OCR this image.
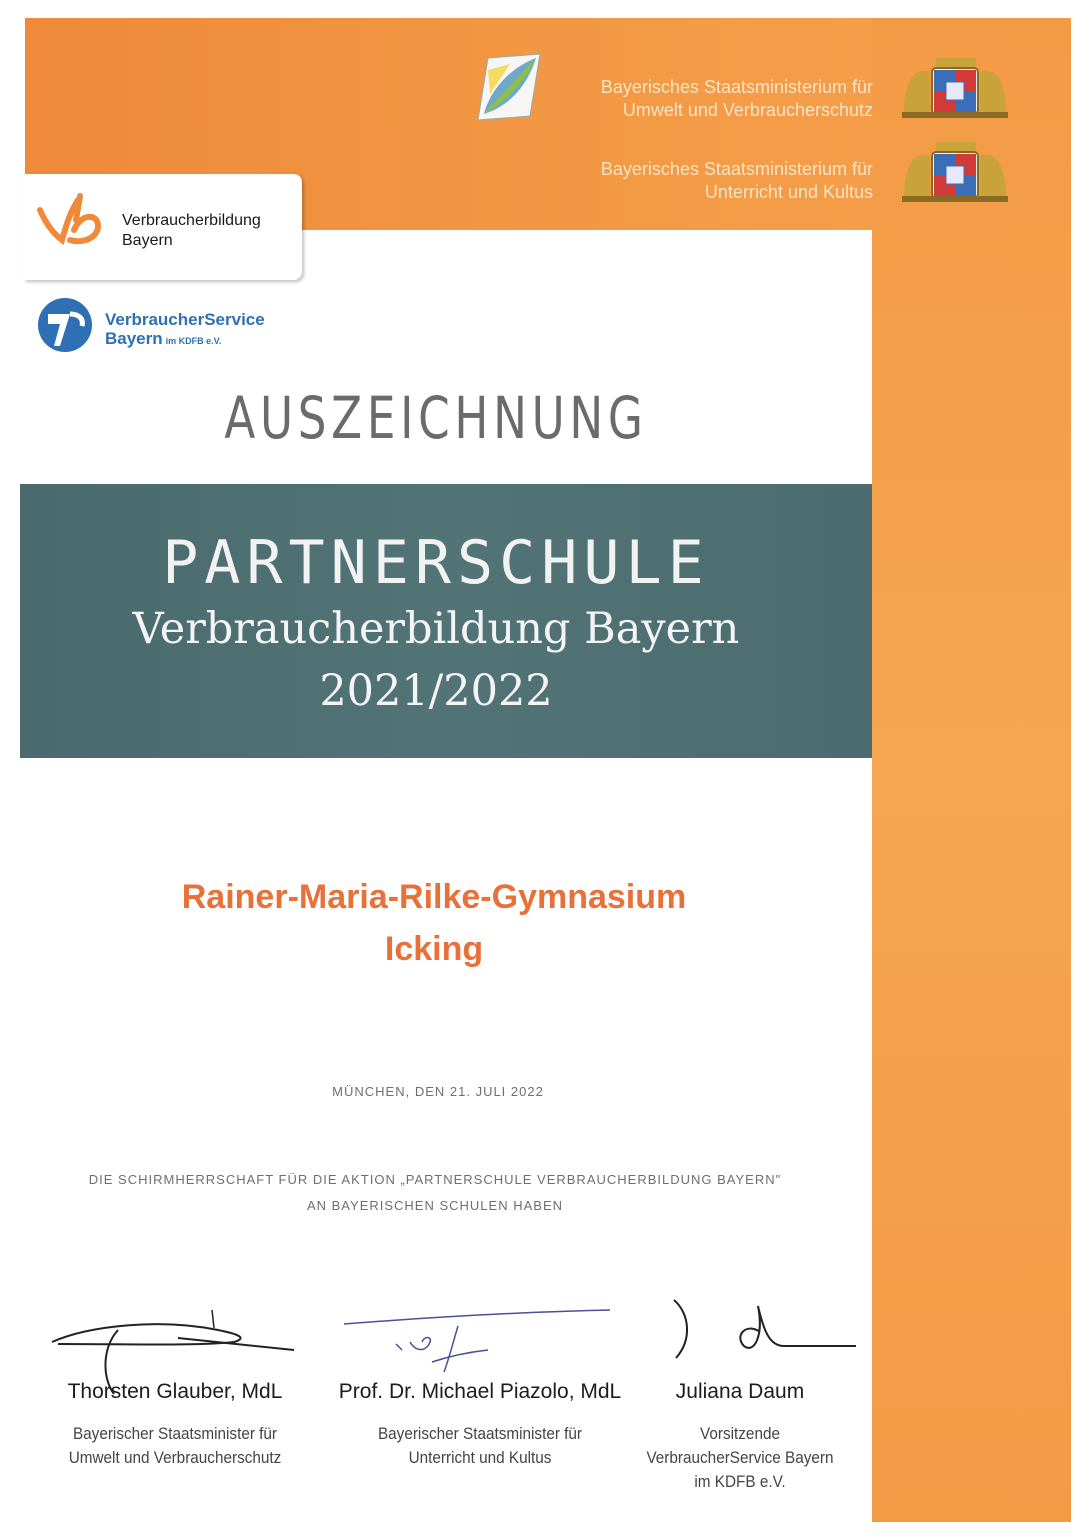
Bayerisches Staatsministerium für
Umwelt und Verbraucherschutz
Bayerisches Staatsministerium für
Unterricht und Kultus
Verbraucherbildung
Bayern
VerbraucherService
Bayern im KDFB e.V.
AUSZEICHNUNG
PARTNERSCHULE
Verbraucherbildung Bayern
2021/2022
Rainer-Maria-Rilke-Gymnasium
Icking
MÜNCHEN, DEN 21. JULI 2022
DIE SCHIRMHERRSCHAFT FÜR DIE AKTION „PARTNERSCHULE VERBRAUCHERBILDUNG BAYERN"
AN BAYERISCHEN SCHULEN HABEN
Thorsten Glauber, MdL
Bayerischer Staatsminister für
Umwelt und Verbraucherschutz
Prof. Dr. Michael Piazolo, MdL
Bayerischer Staatsminister für
Unterricht und Kultus
Juliana Daum
Vorsitzende
VerbraucherService Bayern
im KDFB e.V.
